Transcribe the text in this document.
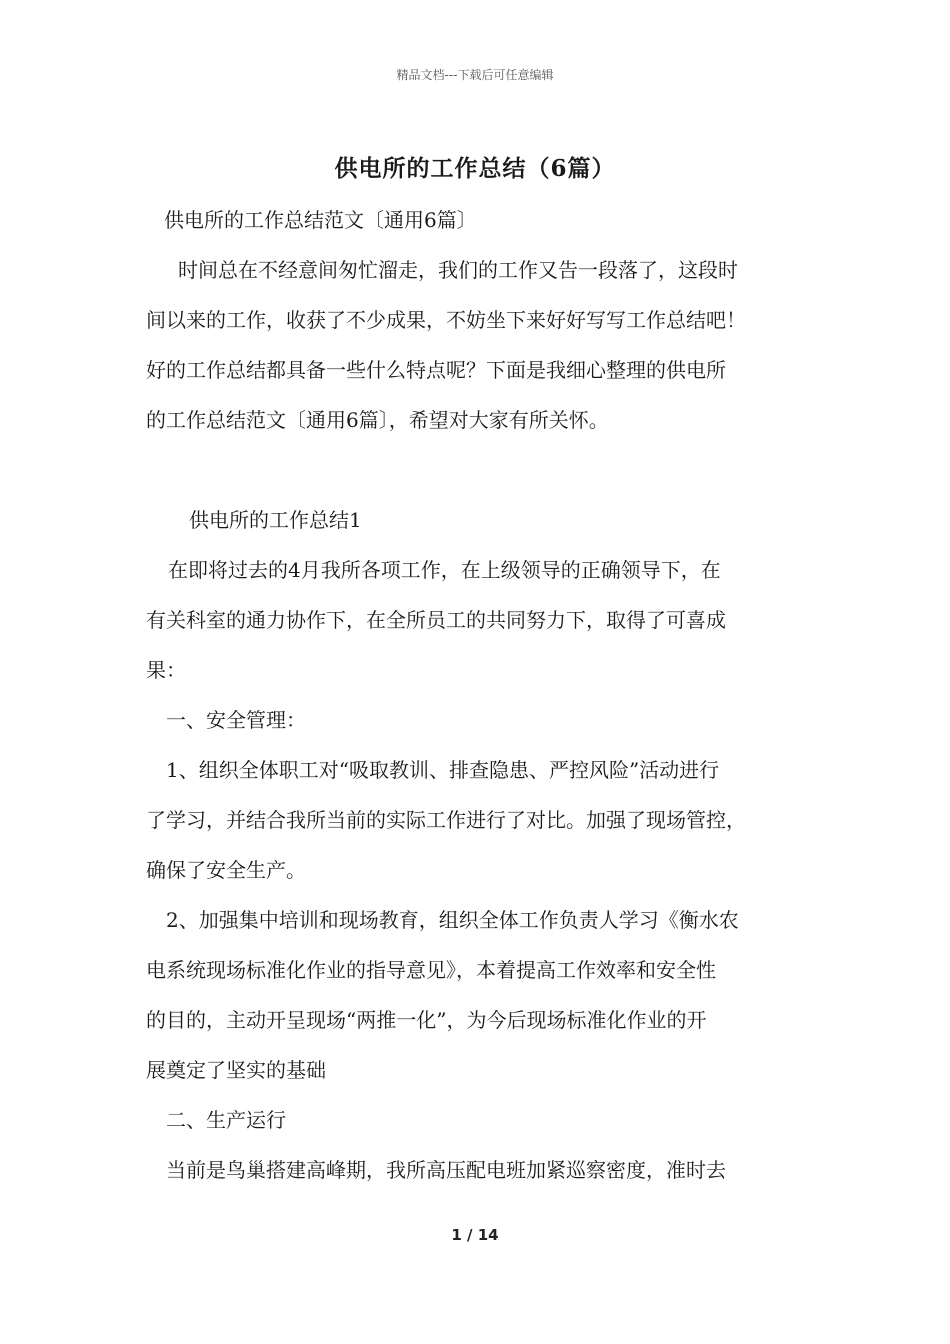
精品文档---下载后可任意编辑
供电所的工作总结（6篇）
供电所的工作总结范文〔通用6篇〕
时间总在不经意间匆忙溜走，我们的工作又告一段落了，这段时
间以来的工作，收获了不少成果，不妨坐下来好好写写工作总结吧！
好的工作总结都具备一些什么特点呢？下面是我细心整理的供电所
的工作总结范文〔通用6篇〕，希望对大家有所关怀。
供电所的工作总结1
在即将过去的4月我所各项工作，在上级领导的正确领导下，在
有关科室的通力协作下，在全所员工的共同努力下，取得了可喜成
果：
一、安全管理：
1、组织全体职工对“吸取教训、排查隐患、严控风险”活动进行
了学习，并结合我所当前的实际工作进行了对比。加强了现场管控，
确保了安全生产。
2、加强集中培训和现场教育，组织全体工作负责人学习《衡水农
电系统现场标准化作业的指导意见》，本着提高工作效率和安全性
的目的，主动开呈现场“两推一化”，为今后现场标准化作业的开
展奠定了坚实的基础
二、生产运行
当前是鸟巢搭建高峰期，我所高压配电班加紧巡察密度，准时去
1 / 14
